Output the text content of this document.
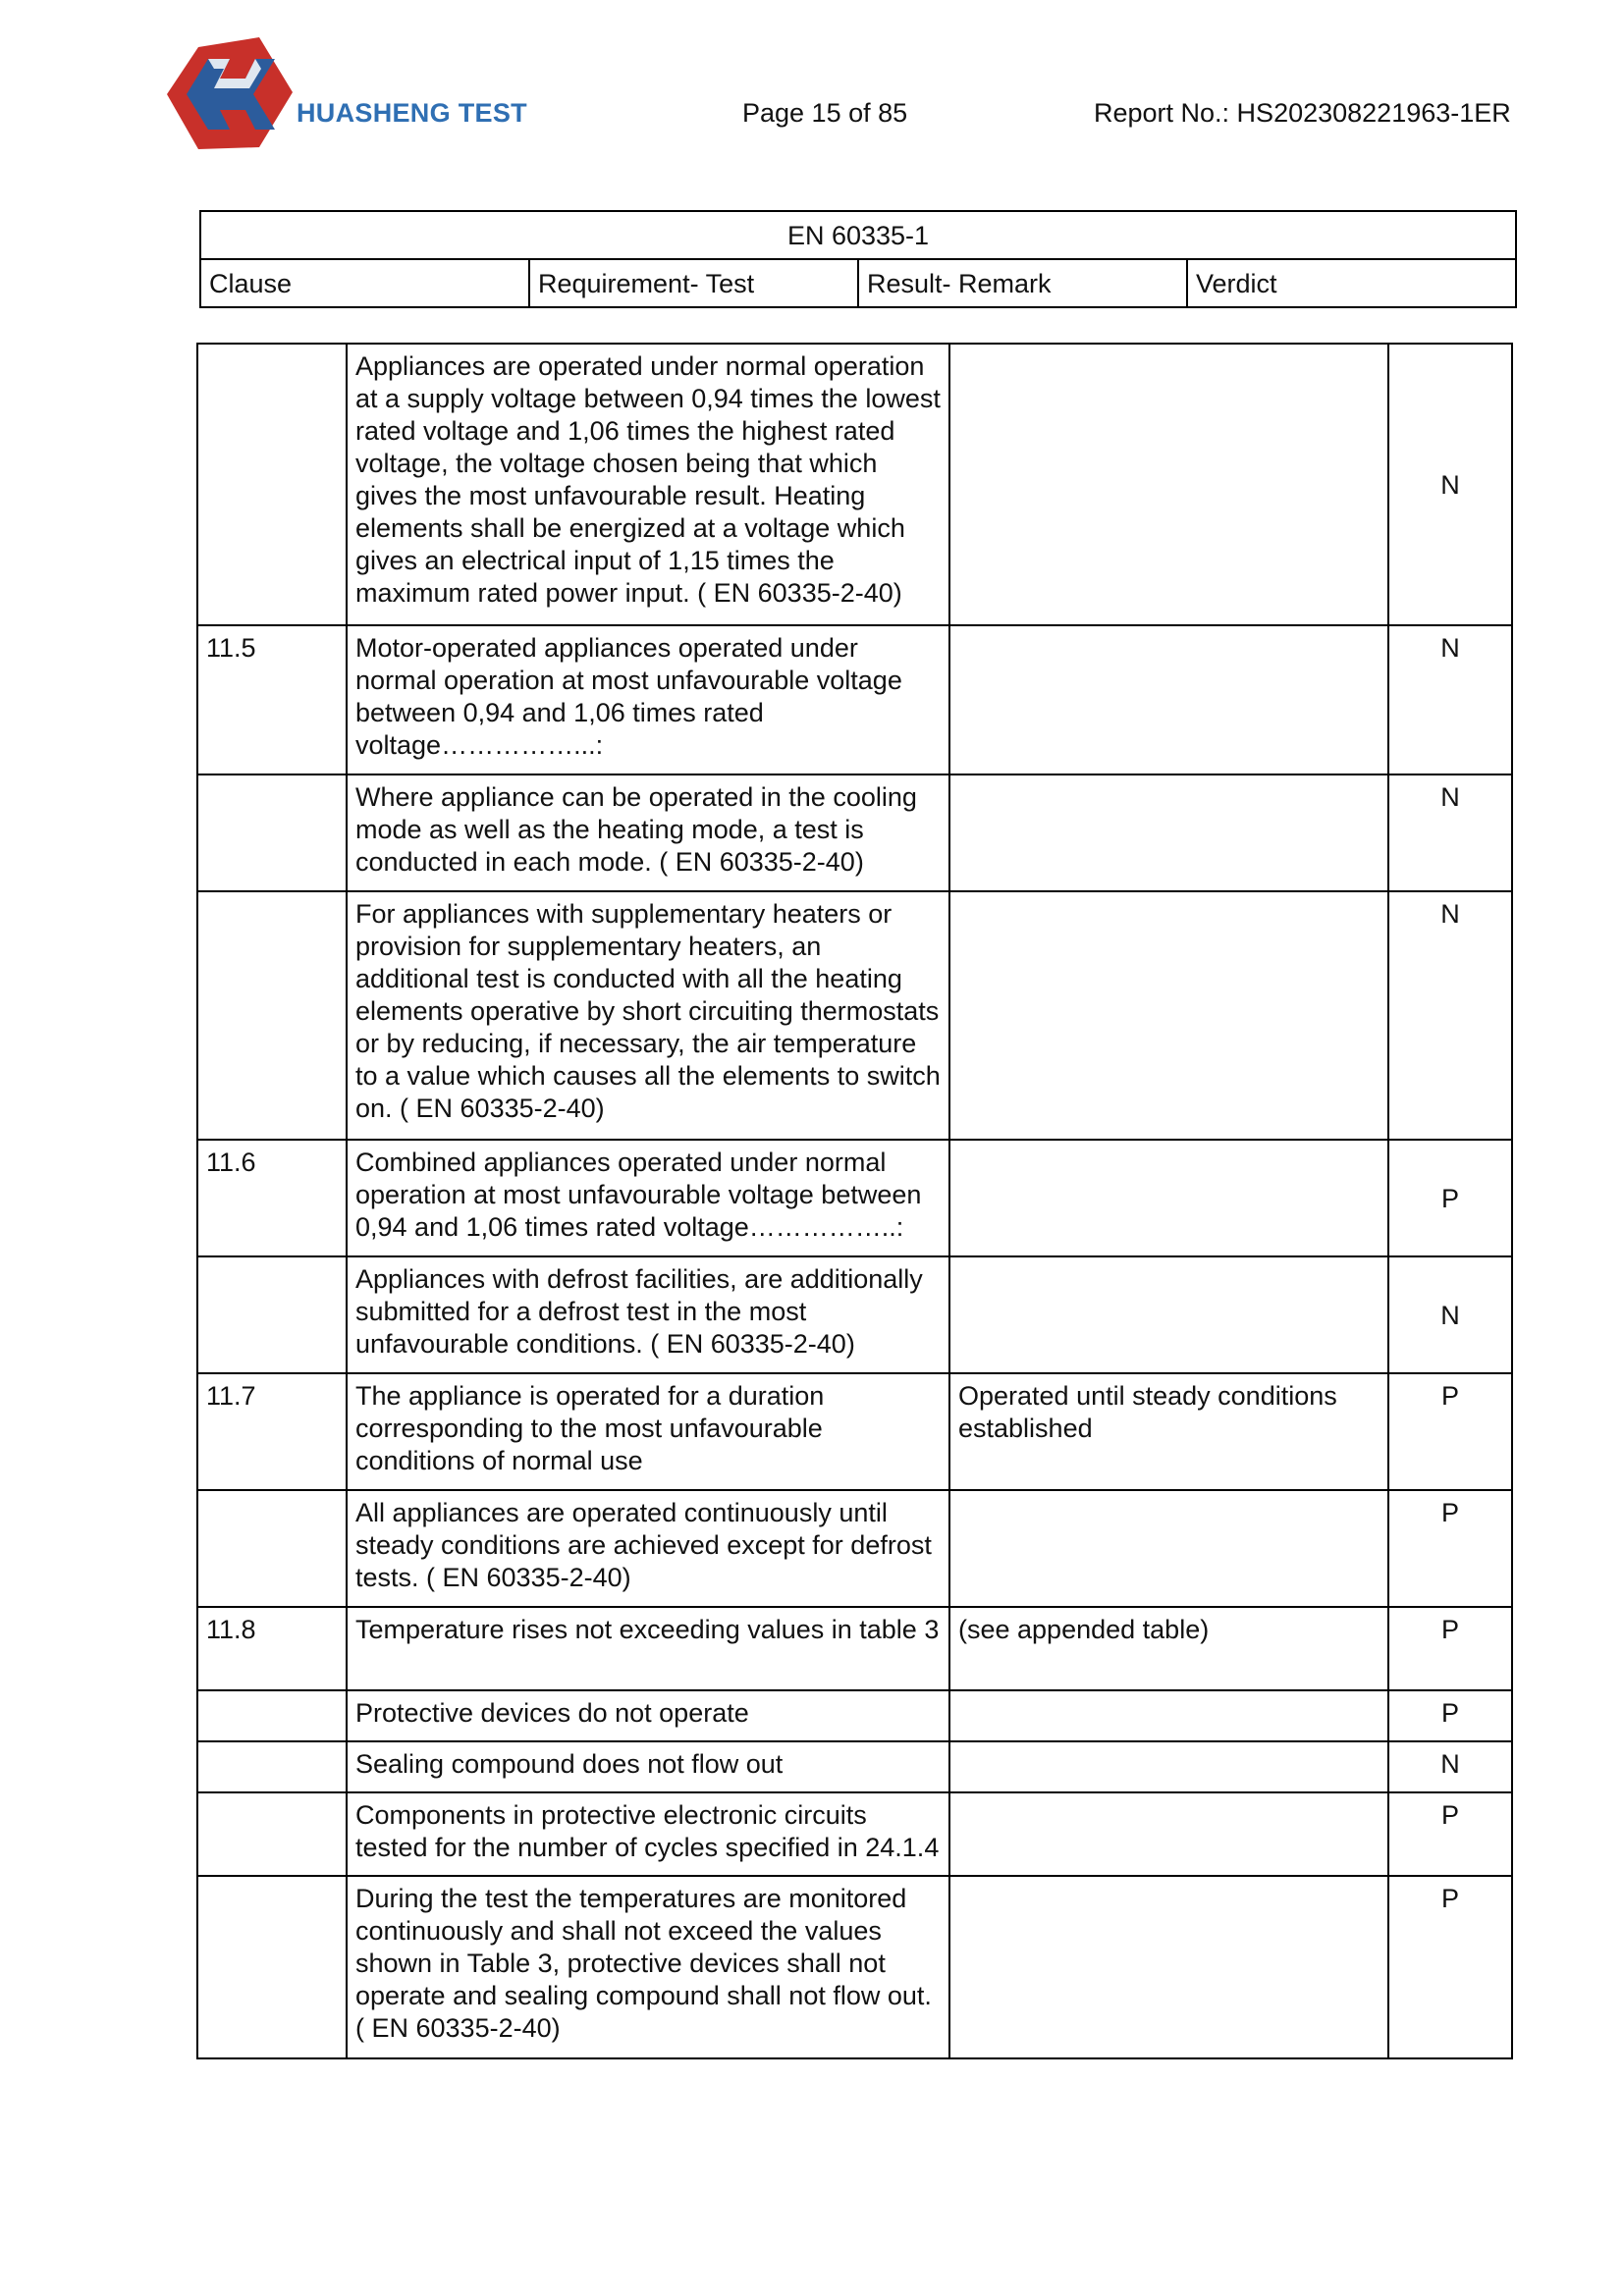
HUASHENG TEST	Page 15 of 85	Report No.: HS202308221963-1ER
EN 60335-1
Clause	Requirement- Test	Result- Remark	Verdict
	Appliances are operated under normal operation at a supply voltage between 0,94 times the lowest rated voltage and 1,06 times the highest rated voltage, the voltage chosen being that which gives the most unfavourable result. Heating elements shall be energized at a voltage which gives an electrical input of 1,15 times the maximum rated power input. ( EN 60335-2-40)		N
11.5	Motor-operated appliances operated under normal operation at most unfavourable voltage between 0,94 and 1,06 times rated voltage……………...:		N
	Where appliance can be operated in the cooling mode as well as the heating mode, a test is conducted in each mode. ( EN 60335-2-40)		N
	For appliances with supplementary heaters or provision for supplementary heaters, an additional test is conducted with all the heating elements operative by short circuiting thermostats or by reducing, if necessary, the air temperature to a value which causes all the elements to switch on. ( EN 60335-2-40)		N
11.6	Combined appliances operated under normal operation at most unfavourable voltage between 0,94 and 1,06 times rated voltage……………..:		P
	Appliances with defrost facilities, are additionally submitted for a defrost test in the most unfavourable conditions. ( EN 60335-2-40)		N
11.7	The appliance is operated for a duration corresponding to the most unfavourable conditions of normal use	Operated until steady conditions established	P
	All appliances are operated continuously until steady conditions are achieved except for defrost tests. ( EN 60335-2-40)		P
11.8	Temperature rises not exceeding values in table 3	(see appended table)	P
	Protective devices do not operate		P
	Sealing compound does not flow out		N
	Components in protective electronic circuits tested for the number of cycles specified in 24.1.4		P
	During the test the temperatures are monitored continuously and shall not exceed the values shown in Table 3, protective devices shall not operate and sealing compound shall not flow out. ( EN 60335-2-40)		P
